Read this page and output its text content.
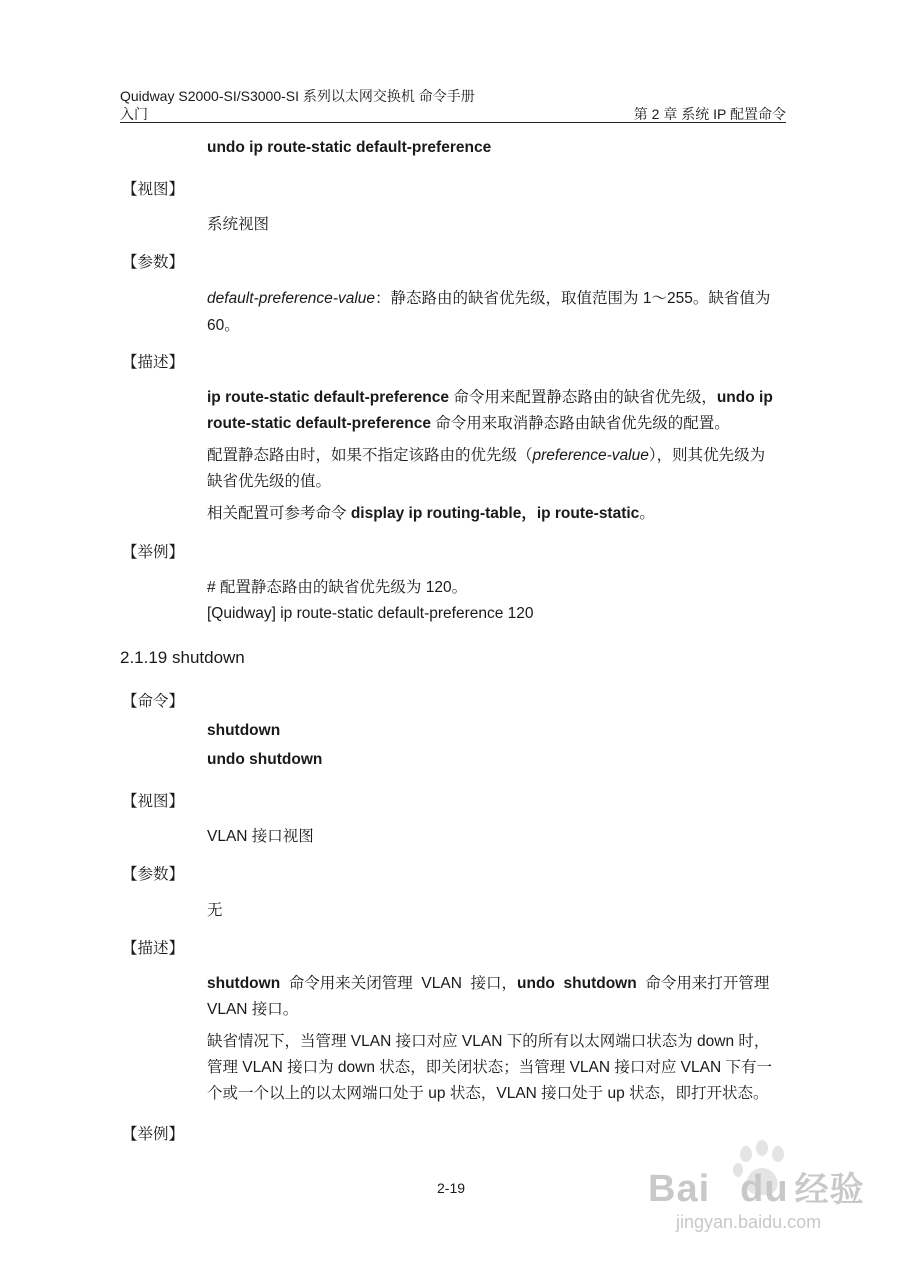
Quidway S2000-SI/S3000-SI 系列以太网交换机 命令手册
入门	第 2 章 系统 IP 配置命令
undo ip route-static default-preference
【视图】
系统视图
【参数】
default-preference-value：静态路由的缺省优先级，取值范围为 1～255。缺省值为
60。
【描述】
ip route-static default-preference 命令用来配置静态路由的缺省优先级，undo ip
route-static default-preference 命令用来取消静态路由缺省优先级的配置。
配置静态路由时，如果不指定该路由的优先级（preference-value），则其优先级为
缺省优先级的值。
相关配置可参考命令 display ip routing-table，ip route-static。
【举例】
# 配置静态路由的缺省优先级为 120。
[Quidway] ip route-static default-preference 120
2.1.19 shutdown
【命令】
shutdown
undo shutdown
【视图】
VLAN 接口视图
【参数】
无
【描述】
shutdown  命令用来关闭管理  VLAN  接口，undo  shutdown  命令用来打开管理
VLAN 接口。
缺省情况下，当管理 VLAN 接口对应 VLAN 下的所有以太网端口状态为 down 时，
管理 VLAN 接口为 down 状态，即关闭状态；当管理 VLAN 接口对应 VLAN 下有一
个或一个以上的以太网端口处于 up 状态，VLAN 接口处于 up 状态，即打开状态。
【举例】
2-19	Bai du 经验
jingyan.baidu.com
